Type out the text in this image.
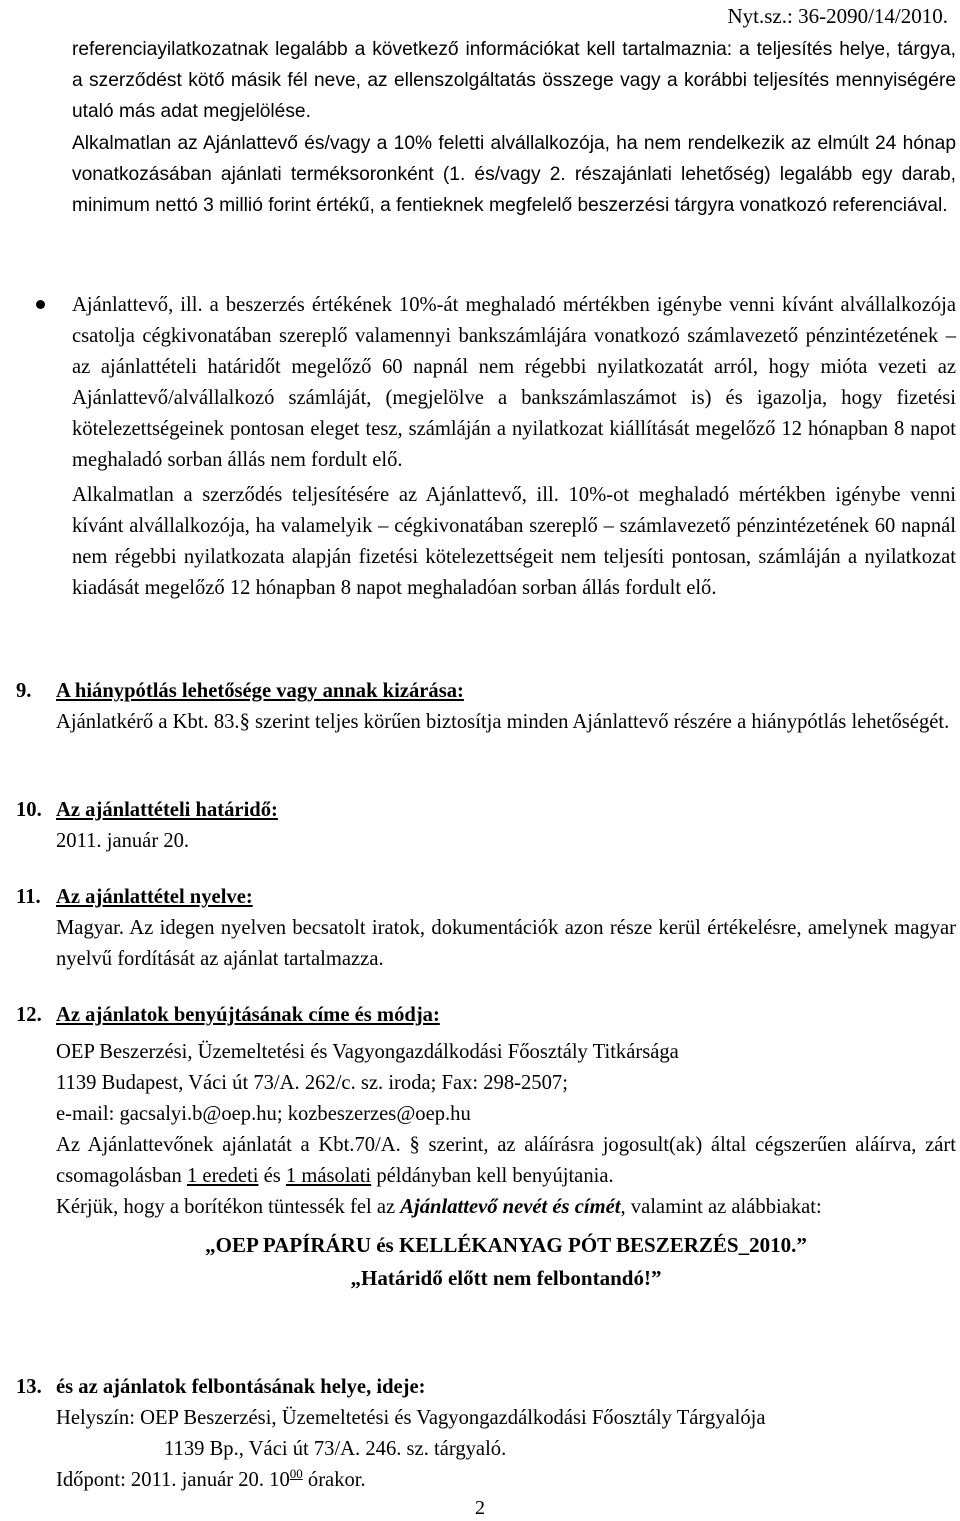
Nyt.sz.: 36-2090/14/2010.

referenciayilatkozatnak legalább a következő információkat kell tartalmaznia: a teljesítés helye, tárgya, a szerződést kötő másik fél neve, az ellenszolgáltatás összege vagy a korábbi teljesítés mennyiségére utaló más adat megjelölése.

Alkalmatlan az Ajánlattevő és/vagy a 10% feletti alvállalkozója, ha nem rendelkezik az elmúlt 24 hónap vonatkozásában ajánlati terméksoronként (1. és/vagy 2. részajánlati lehetőség) legalább egy darab, minimum nettó 3 millió forint értékű, a fentieknek megfelelő beszerzési tárgyra vonatkozó referenciával.

Ajánlattevő, ill. a beszerzés értékének 10%-át meghaladó mértékben igénybe venni kívánt alvállalkozója csatolja cégkivonatában szereplő valamennyi bankszámlájára vonatkozó számlavezető pénzintézetének – az ajánlattételi határidőt megelőző 60 napnál nem régebbi nyilatkozatát arról, hogy mióta vezeti az Ajánlattevő/alvállalkozó számláját, (megjelölve a bankszámlaszámot is) és igazolja, hogy fizetési kötelezettségeinek pontosan eleget tesz, számláján a nyilatkozat kiállítását megelőző 12 hónapban 8 napot meghaladó sorban állás nem fordult elő.
Alkalmatlan a szerződés teljesítésére az Ajánlattevő, ill. 10%-ot meghaladó mértékben igénybe venni kívánt alvállalkozója, ha valamelyik – cégkivonatában szereplő – számlavezető pénzintézetének 60 napnál nem régebbi nyilatkozata alapján fizetési kötelezettségeit nem teljesíti pontosan, számláján a nyilatkozat kiadását megelőző 12 hónapban 8 napot meghaladóan sorban állás fordult elő.
9. A hiánypótlás lehetősége vagy annak kizárása:
Ajánlatkérő a Kbt. 83.§ szerint teljes körűen biztosítja minden Ajánlattevő részére a hiánypótlás lehetőségét.
10. Az ajánlattételi határidő:
2011. január 20.
11. Az ajánlattétel nyelve:
Magyar. Az idegen nyelven becsatolt iratok, dokumentációk azon része kerül értékelésre, amelynek magyar nyelvű fordítását az ajánlat tartalmazza.
12. Az ajánlatok benyújtásának címe és módja:
OEP Beszerzési, Üzemeltetési és Vagyongazdálkodási Főosztály Titkársága
1139 Budapest, Váci út 73/A. 262/c. sz. iroda; Fax: 298-2507;
e-mail: gacsalyi.b@oep.hu; kozbeszerzes@oep.hu
Az Ajánlattevőnek ajánlatát a Kbt.70/A. § szerint, az aláírásra jogosult(ak) által cégszerűen aláírva, zárt csomagolásban 1 eredeti és 1 másolati példányban kell benyújtania.
Kérjük, hogy a borítékon tüntessék fel az Ajánlattevő nevét és címét, valamint az alábbiakat:
„OEP PAPÍRÁRU és KELLÉKANYAG PÓT BESZERZÉS_2010.”
„Határidő előtt nem felbontandó!”
13. és az ajánlatok felbontásának helye, ideje:
Helyszín: OEP Beszerzési, Üzemeltetési és Vagyongazdálkodási Főosztály Tárgyalója
1139 Bp., Váci út 73/A. 246. sz. tárgyaló.
Időpont: 2011. január 20. $10^{00}$ órakor.
2
